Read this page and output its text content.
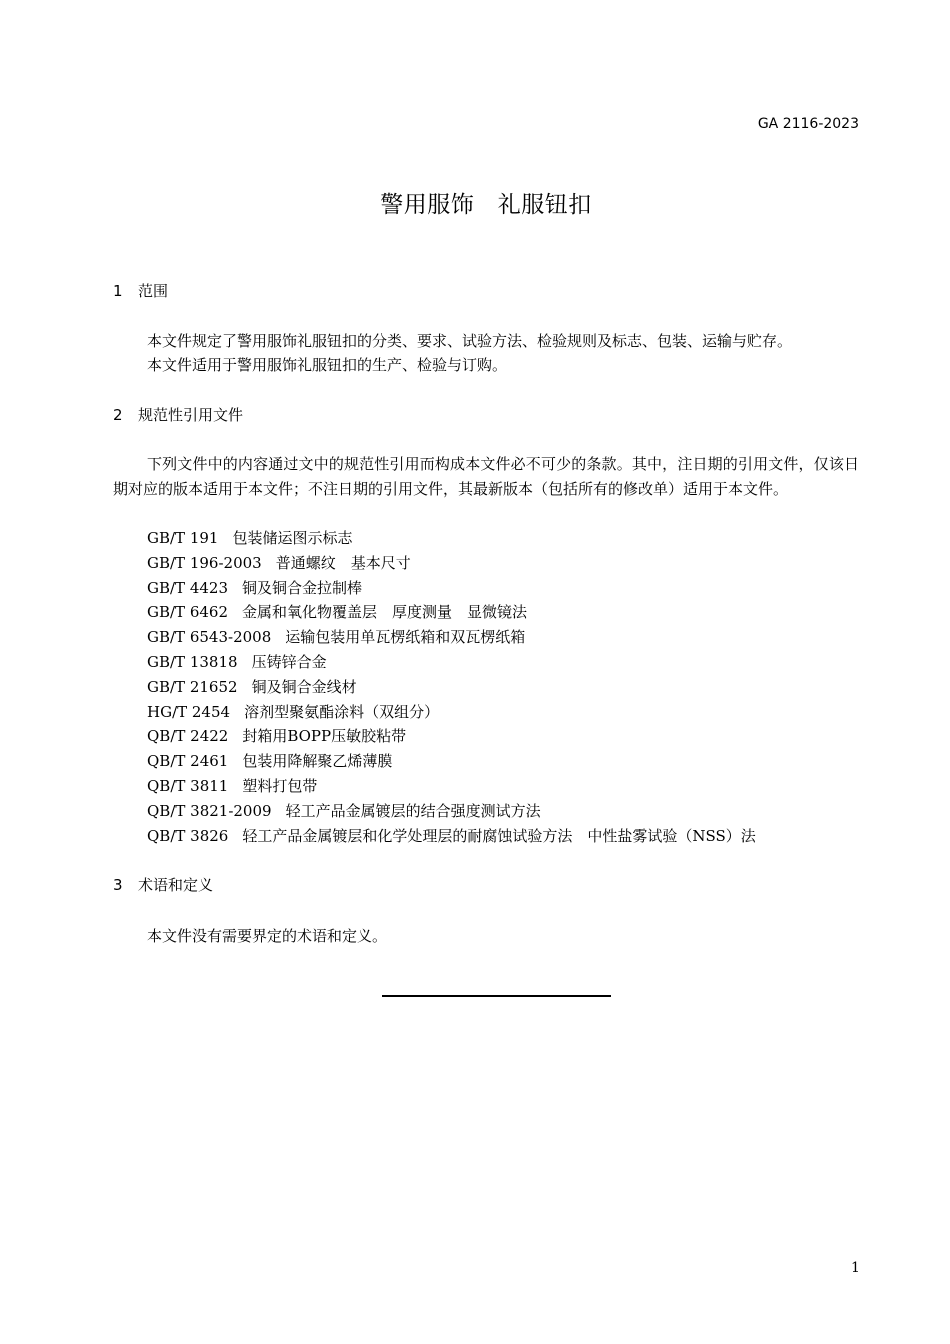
GA 2116-2023
警用服饰　礼服钮扣
1 范围
本文件规定了警用服饰礼服钮扣的分类、要求、试验方法、检验规则及标志、包装、运输与贮存。
本文件适用于警用服饰礼服钮扣的生产、检验与订购。
2 规范性引用文件
下列文件中的内容通过文中的规范性引用而构成本文件必不可少的条款。其中，注日期的引用文件，仅该日期对应的版本适用于本文件；不注日期的引用文件，其最新版本（包括所有的修改单）适用于本文件。
GB/T 191 包装储运图示标志
GB/T 196-2003 普通螺纹　基本尺寸
GB/T 4423 铜及铜合金拉制棒
GB/T 6462 金属和氧化物覆盖层　厚度测量　显微镜法
GB/T 6543-2008 运输包装用单瓦楞纸箱和双瓦楞纸箱
GB/T 13818 压铸锌合金
GB/T 21652 铜及铜合金线材
HG/T 2454 溶剂型聚氨酯涂料（双组分）
QB/T 2422 封箱用BOPP压敏胶粘带
QB/T 2461 包装用降解聚乙烯薄膜
QB/T 3811 塑料打包带
QB/T 3821-2009 轻工产品金属镀层的结合强度测试方法
QB/T 3826 轻工产品金属镀层和化学处理层的耐腐蚀试验方法　中性盐雾试验（NSS）法
3 术语和定义
本文件没有需要界定的术语和定义。
1
